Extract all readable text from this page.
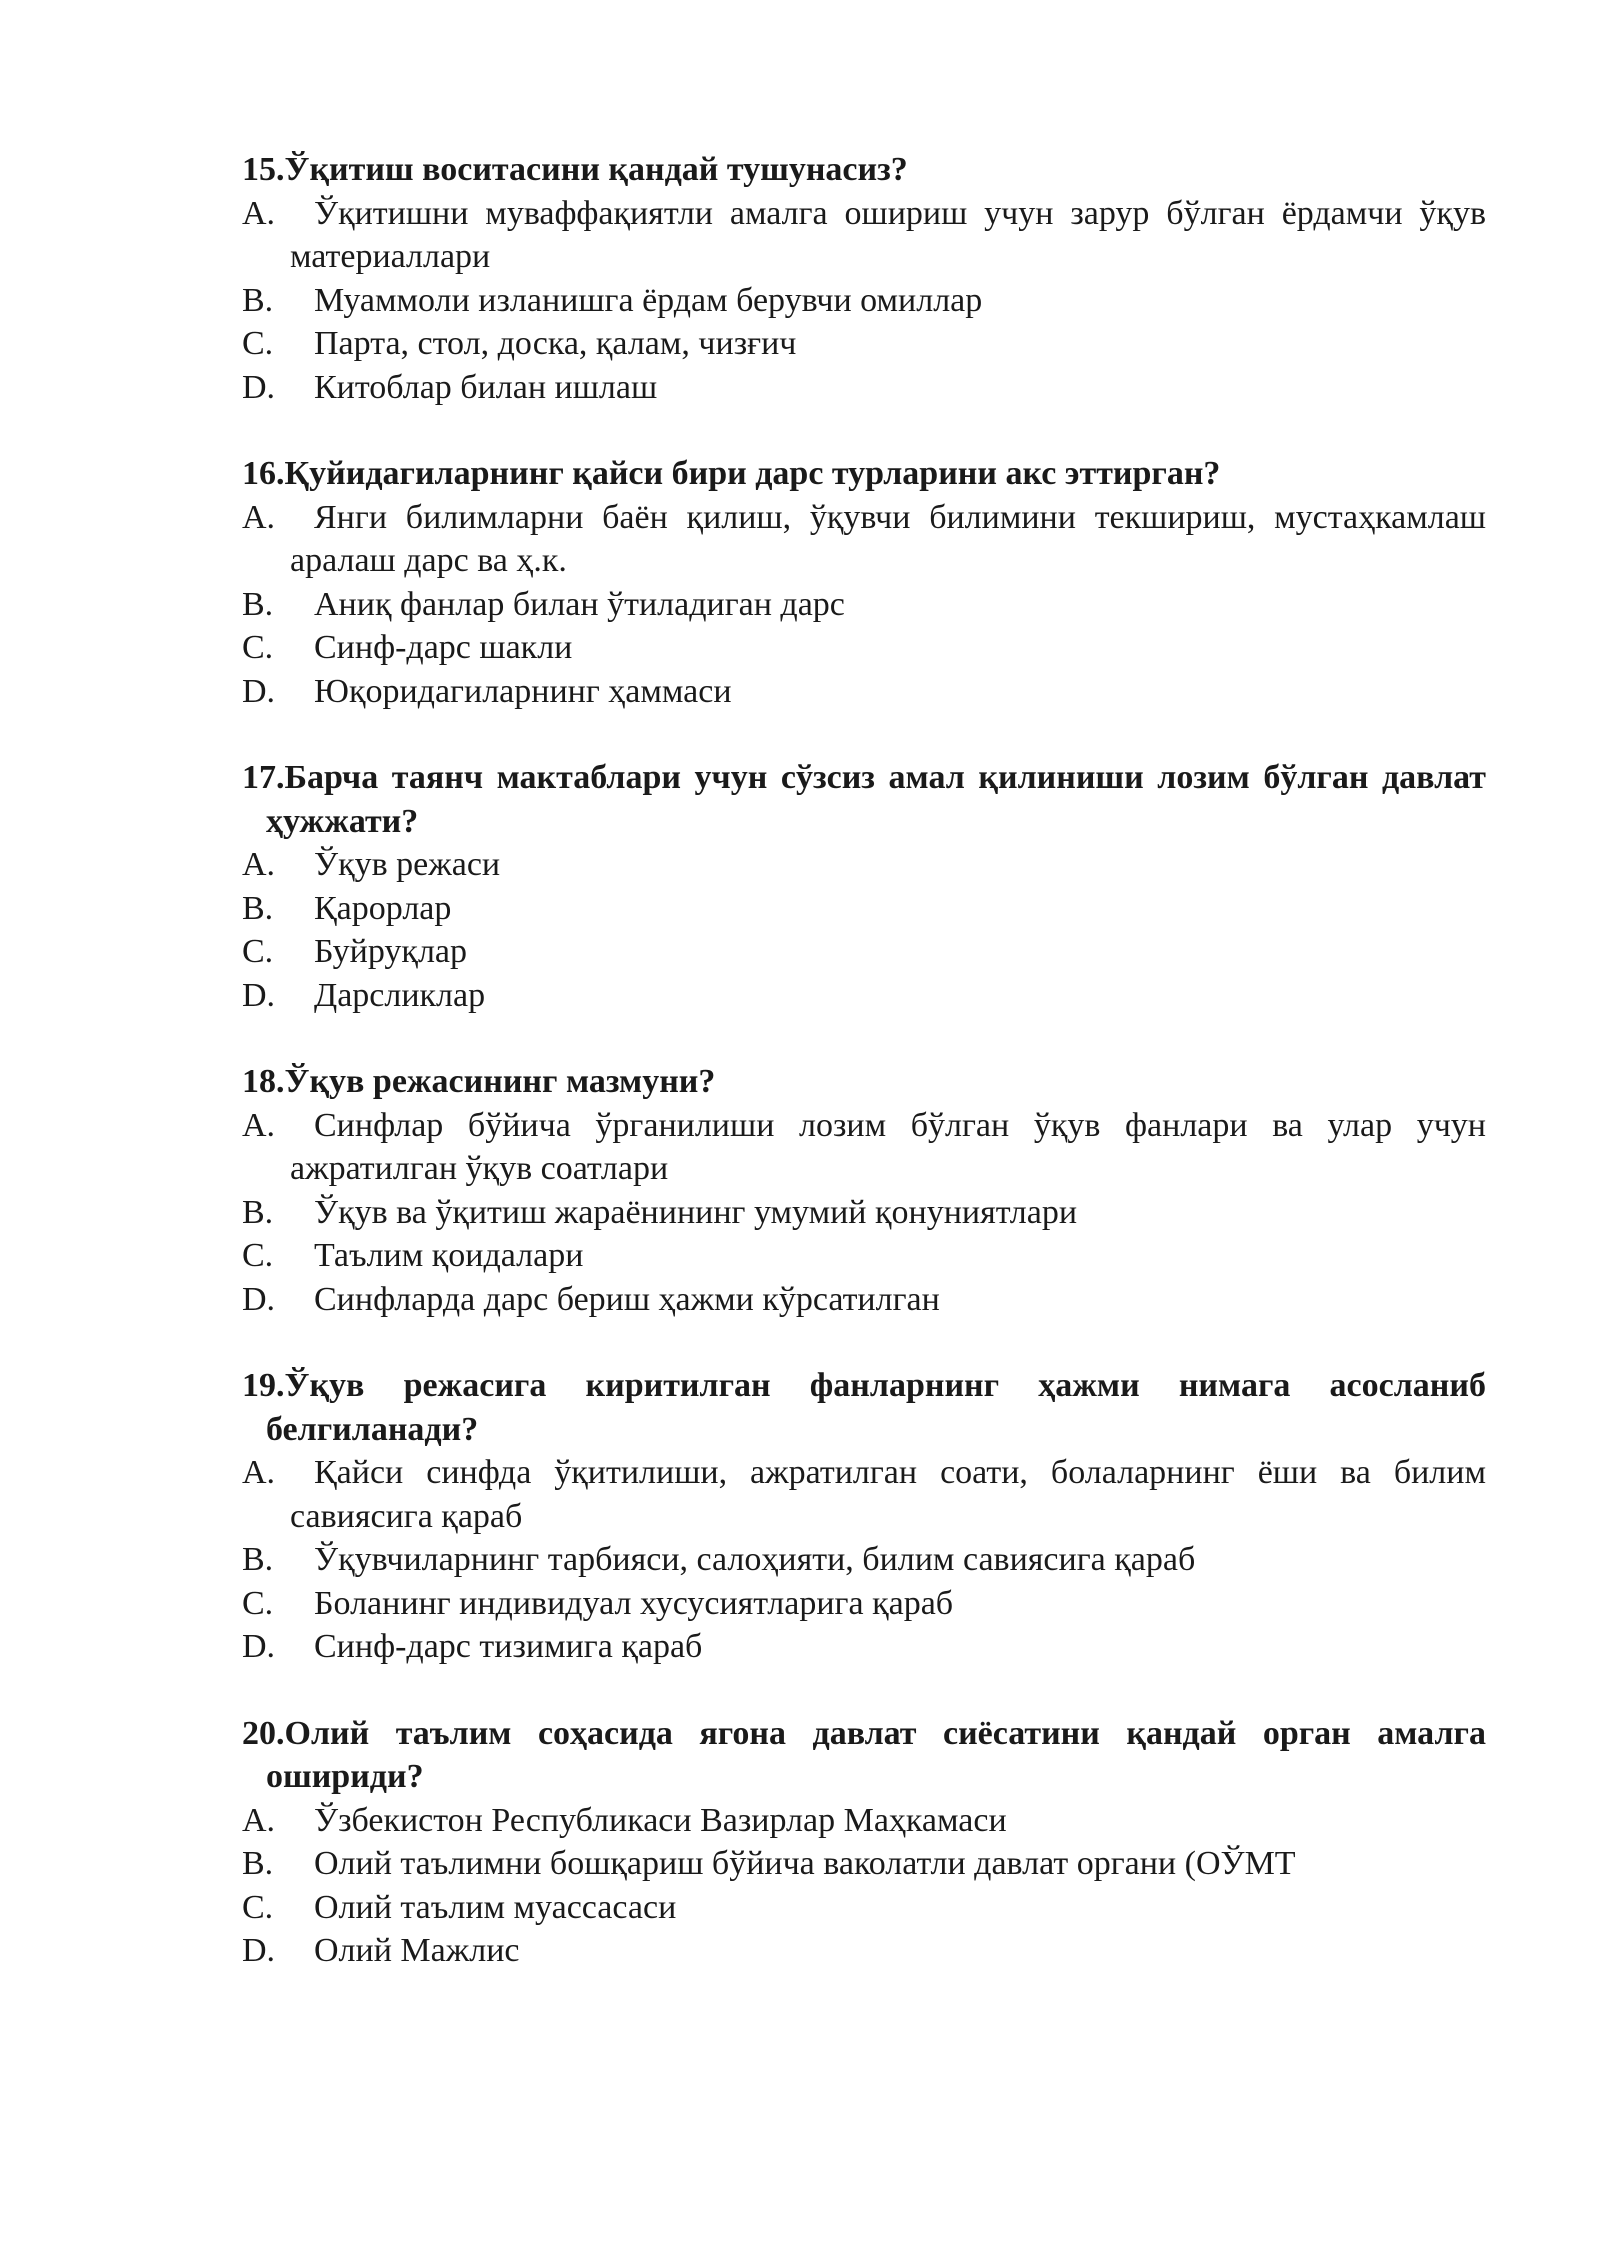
15.Ўқитиш воситасини қандай тушунасиз?
A.	Ўқитишни муваффақиятли амалга ошириш учун зарур бўлган ёрдамчи ўқув материаллари
B.	Муаммоли изланишга ёрдам берувчи омиллар
C.	Парта, стол, доска, қалам, чизғич
D.	Китоблар билан ишлаш
16.Қуйидагиларнинг қайси бири дарс турларини акс эттирган?
A.	Янги билимларни баён қилиш, ўқувчи билимини текшириш, мустаҳкамлаш аралаш дарс ва ҳ.к.
B.	Аниқ фанлар билан ўтиладиган дарс
C.	Синф-дарс шакли
D.	Юқоридагиларнинг ҳаммаси
17.Барча таянч мактаблари учун сўзсиз амал қилиниши лозим бўлган давлат ҳужжати?
A.	Ўқув режаси
B.	Қарорлар
C.	Буйруқлар
D.	Дарсликлар
18.Ўқув режасининг мазмуни?
A.	Синфлар бўйича ўрганилиши лозим бўлган ўқув фанлари ва улар учун ажратилган ўқув соатлари
B.	Ўқув ва ўқитиш жараёнининг умумий қонуниятлари
C.	Таълим қоидалари
D.	Синфларда дарс бериш ҳажми кўрсатилган
19.Ўқув режасига киритилган фанларнинг ҳажми нимага асосланиб белгиланади?
A.	Қайси синфда ўқитилиши, ажратилган соати, болаларнинг ёши ва билим савиясига қараб
B.	Ўқувчиларнинг тарбияси, салоҳияти, билим савиясига қараб
C.	Боланинг индивидуал хусусиятларига қараб
D.	Синф-дарс тизимига қараб
20.Олий таълим соҳасида ягона давлат сиёсатини қандай орган амалга ошириди?
A.	Ўзбекистон Республикаси Вазирлар Маҳкамаси
B.	Олий таълимни бошқариш бўйича ваколатли давлат органи (ОЎМТ
C.	Олий таълим муассасаси
D.	Олий Мажлис
